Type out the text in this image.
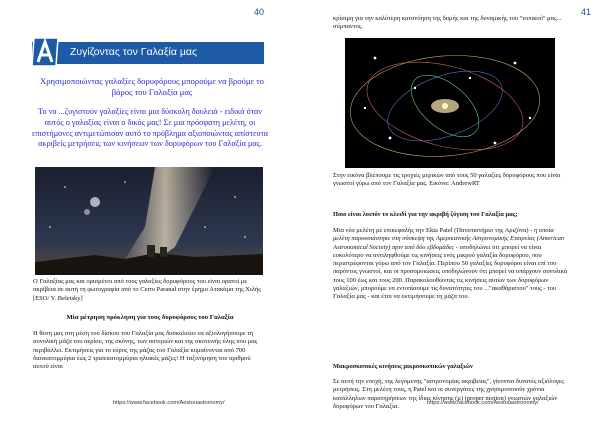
40
Ζυγίζοντας τον Γαλαξία μας

Χρησιμοποιώντας γαλαξίες δορυφόρους μπορούμε να βρούμε το βάρος του Γαλαξία μας

Το να ...ζυγιστούν γαλαξίες είναι μια δύσκολη δουλειά - ειδικά όταν αυτός ο γαλαξίας είναι ο δικός μας! Σε μια πρόσφατη μελέτη, οι επιστήμονες αντιμετώπισαν αυτό το πρόβλημα αξιοποιώντας απίστευτα ακριβείς μετρήσεις των κινήσεων των δορυφόρων του Γαλαξία μας.

Ο Γαλαξίας μας και ορισμένοι από τους γαλαξίες δορυφόρους του είναι ορατοί με ακρίβεια σε αυτή τη φωτογραφία από το Cerro Paranal στην έρημο Ατακάμα της Χιλής [ESO/ Y. Beletsky]

Μία μέτρηση πρόκληση για τους δορυφόρους του Γαλαξία

Η θέση μας στη μέση του δίσκου του Γαλαξία μας δυσκολεύει να αξιολογήσουμε τη συνολική μάζα του αερίου, της σκόνης, των αστεριών και της σκοτεινής ύλης που μας περιβάλλει. Εκτιμήσεις για το εύρος της μάζας του Γαλαξία κυμαίνονται από 700 δισεκατομμύρια έως 2 τρισεκατομμύρια ηλιακές μάζες! Η ταξινόμηση του αριθμού αυτού είναι

https://www.facebook.com/Aestouastronomy/
41

κρίσιμη για την καλύτερη κατανόηση της δομής και της δυναμικής του "τοπικού" μας... σύμπαντος.

Στην εικόνα βλέπουμε τις τροχιές μερικών από τους 50 γαλαξίες δορυφόρους που είναι γνωστοί γύρω από τον Γαλαξία μας. Εικόνα: AndrewRT

Ποιο είναι λοιπόν το κλειδί για την ακριβή ζύγιση του Γαλαξία μας;

Μια νέα μελέτη με επικεφαλής την Ekta Patel (Πανεπιστήμιο της Αριζόνα) - η οποία μελέτη παρουσιάστηκε στη σύσκεψη της Αμερικανικής Αστρονομικής Εταιρείας (American Astronomical Society) πριν από δύο εβδομάδες - υποδηλώνει ότι μπορεί να είναι ευκολότερο να αντιληφθούμε τις κινήσεις ενός μικρού γαλαξία δορυφόρου, που περιστρέφονται γύρω από τον Γαλαξία. Περίπου 50 γαλαξίες δορυφόροι είναι επί του παρόντος γνωστοί, και οι προσομοιώσεις υποδηλώνουν ότι μπορεί να υπάρχουν συνολικά τους 100 έως και τους 200. Παρακολουθώντας τις κινήσεις αυτών των δορυφόρων γαλαξιών, μπορούμε να εντοπίσουμε τις δυνατότητες του ..."ακαθάριστου" τους - του Γαλαξία μας - και έτσι να εκτιμήσουμε τη μάζα του.

Μακροσκοπικές κινήσεις μικροσκοπικών γαλαξιών

Σε αυτή την εποχή, της λεγόμενης "αστρονομίας ακριβείας", γίνονται δυνατές αξιόλογες μετρήσεις. Στη μελέτη τους, η Patel και οι συνεργάτες της χρησιμοποιούν χρόνια κατάλληλων παρατηρήσεων της ίδιας κίνησης (μ) (proper motion) γνωστών γαλαξιών δορυφόρων του Γαλαξία.	https://www.facebook.com/Aestouastronomy/
